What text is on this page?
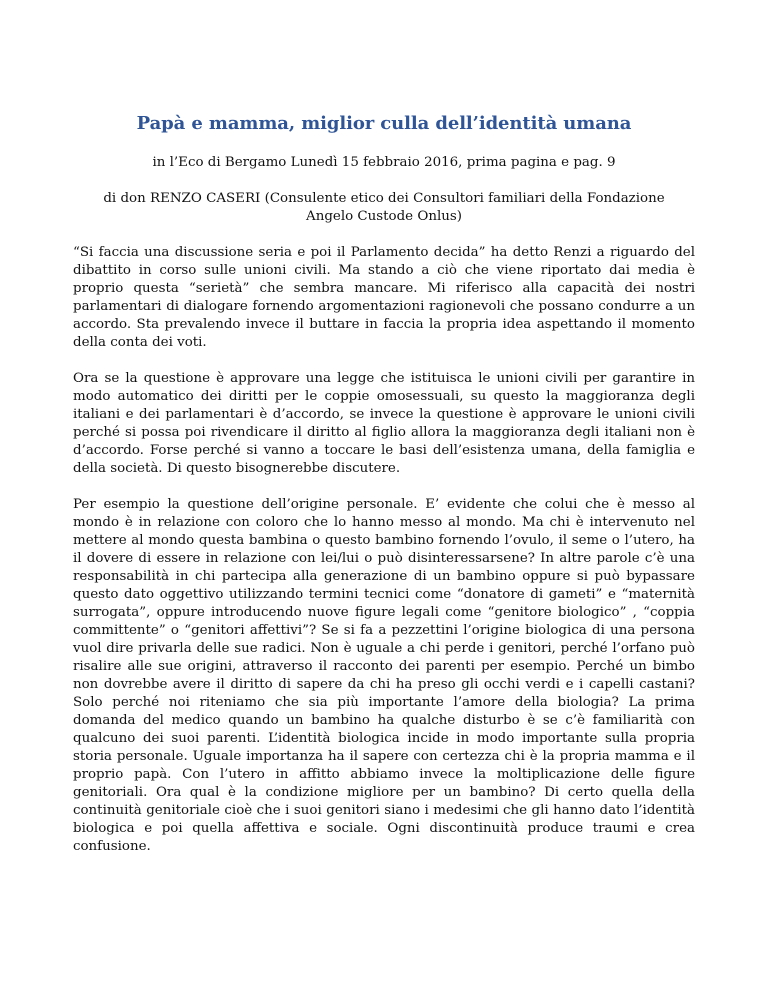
Papà e mamma, miglior culla dell’identità umana

in l’Eco di Bergamo Lunedì 15 febbraio 2016, prima pagina e pag. 9

di don RENZO CASERI (Consulente etico dei Consultori familiari della Fondazione

Angelo Custode Onlus)

“Si faccia una discussione seria e poi il Parlamento decida” ha detto Renzi a riguardo del dibattito in corso sulle unioni civili. Ma stando a ciò che viene riportato dai media è proprio questa “serietà” che sembra mancare. Mi riferisco alla capacità dei nostri parlamentari di dialogare fornendo argomentazioni ragionevoli che possano condurre a un accordo. Sta prevalendo invece il buttare in faccia la propria idea aspettando il momento della conta dei voti.

Ora se la questione è approvare una legge che istituisca le unioni civili per garantire in modo automatico dei diritti per le coppie omosessuali, su questo la maggioranza degli italiani e dei parlamentari è d’accordo, se invece la questione è approvare le unioni civili perché si possa poi rivendicare il diritto al figlio allora la maggioranza degli italiani non è d’accordo. Forse perché si vanno a toccare le basi dell’esistenza umana, della famiglia e della società. Di questo bisognerebbe discutere.

Per esempio la questione dell’origine personale. E’ evidente che colui che è messo al mondo è in relazione con coloro che lo hanno messo al mondo. Ma chi è intervenuto nel mettere al mondo questa bambina o questo bambino fornendo l’ovulo, il seme o l’utero, ha il dovere di essere in relazione con lei/lui o può disinteressarsene? In altre parole c’è una responsabilità in chi partecipa alla generazione di un bambino oppure si può bypassare questo dato oggettivo utilizzando termini tecnici come “donatore di gameti” e “maternità surrogata”, oppure introducendo nuove figure legali come “genitore biologico” , “coppia committente” o “genitori affettivi”? Se si fa a pezzettini l’origine biologica di una persona vuol dire privarla delle sue radici. Non è uguale a chi perde i genitori, perché l’orfano può risalire alle sue origini, attraverso il racconto dei parenti per esempio. Perché un bimbo non dovrebbe avere il diritto di sapere da chi ha preso gli occhi verdi e i capelli castani? Solo perché noi riteniamo che sia più importante l’amore della biologia? La prima domanda del medico quando un bambino ha qualche disturbo è se c’è familiarità con qualcuno dei suoi parenti. L’identità biologica incide in modo importante sulla propria storia personale. Uguale importanza ha il sapere con certezza chi è la propria mamma e il proprio papà. Con l’utero in affitto abbiamo invece la moltiplicazione delle figure genitoriali. Ora qual è la condizione migliore per un bambino? Di certo quella della continuità genitoriale cioè che i suoi genitori siano i medesimi che gli hanno dato l’identità biologica e poi quella affettiva e sociale. Ogni discontinuità produce traumi e crea confusione.
